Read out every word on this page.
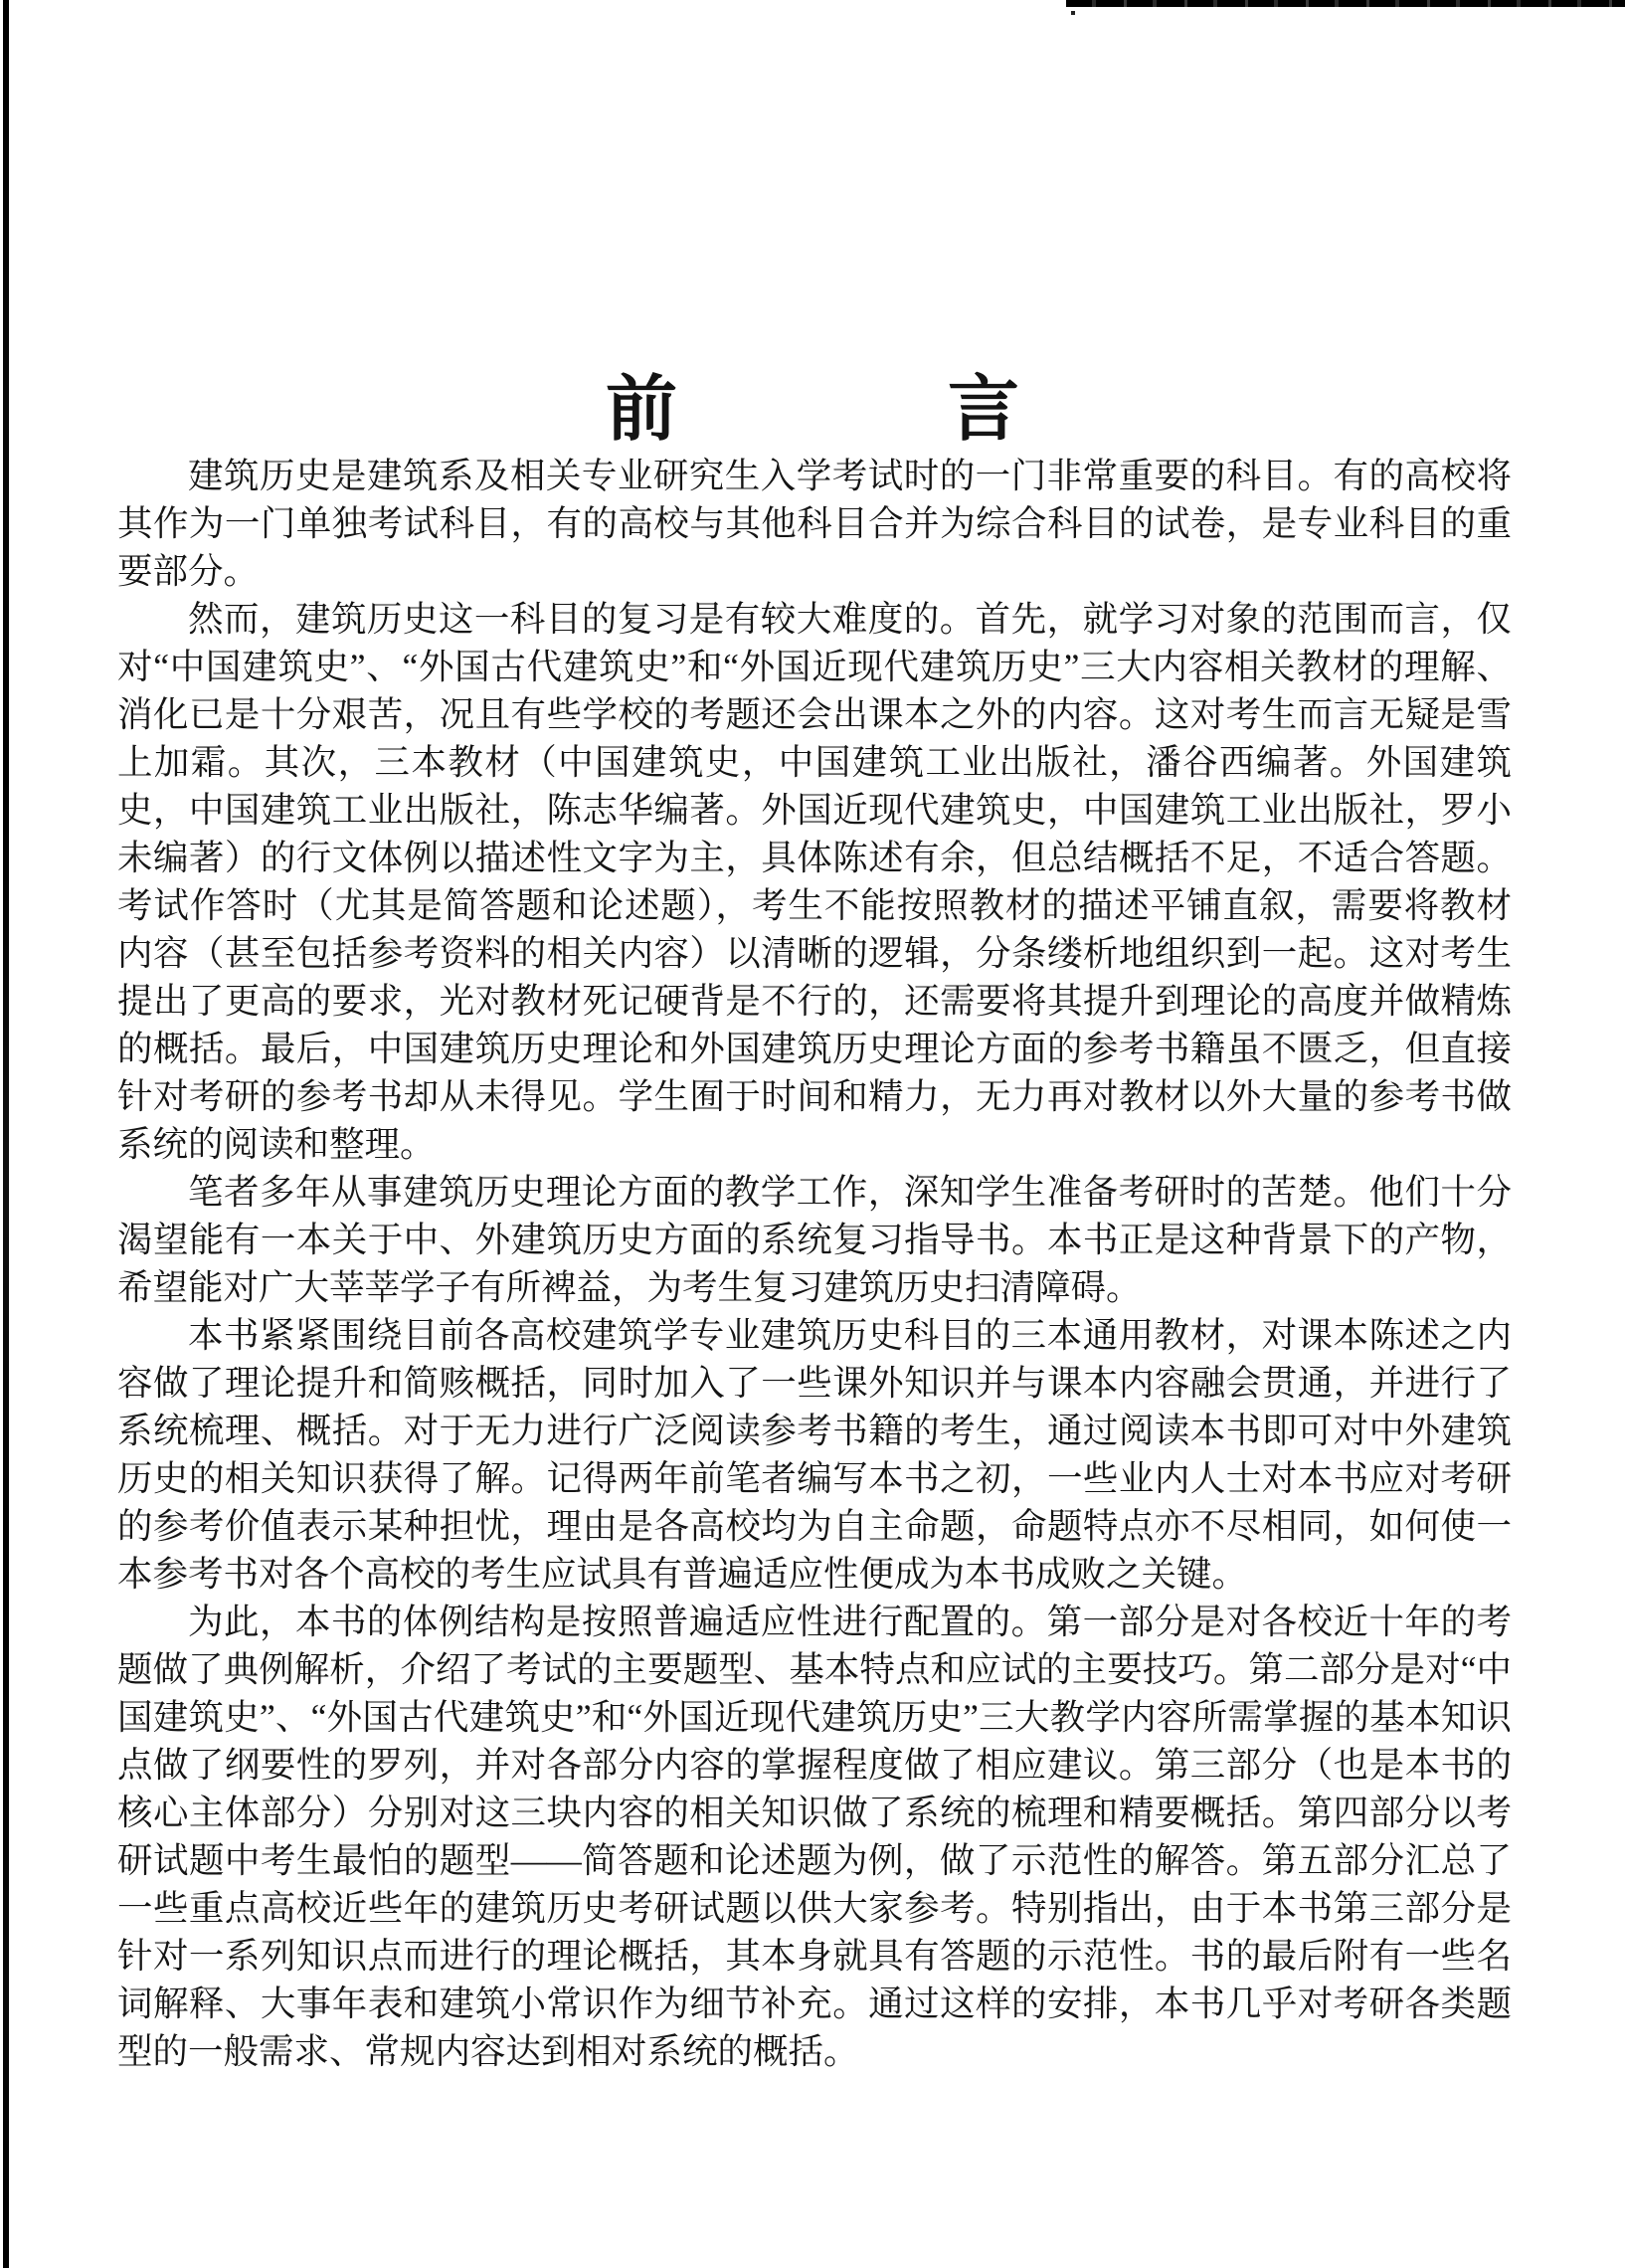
前	言

建筑历史是建筑系及相关专业研究生入学考试时的一门非常重要的科目。有的高校将其作为一门单独考试科目，有的高校与其他科目合并为综合科目的试卷，是专业科目的重要部分。

然而，建筑历史这一科目的复习是有较大难度的。首先，就学习对象的范围而言，仅对“中国建筑史”、“外国古代建筑史”和“外国近现代建筑历史”三大内容相关教材的理解、消化已是十分艰苦，况且有些学校的考题还会出课本之外的内容。这对考生而言无疑是雪上加霜。其次，三本教材（中国建筑史，中国建筑工业出版社，潘谷西编著。外国建筑史，中国建筑工业出版社，陈志华编著。外国近现代建筑史，中国建筑工业出版社，罗小未编著）的行文体例以描述性文字为主，具体陈述有余，但总结概括不足，不适合答题。考试作答时（尤其是简答题和论述题），考生不能按照教材的描述平铺直叙，需要将教材内容（甚至包括参考资料的相关内容）以清晰的逻辑，分条缕析地组织到一起。这对考生提出了更高的要求，光对教材死记硬背是不行的，还需要将其提升到理论的高度并做精炼的概括。最后，中国建筑历史理论和外国建筑历史理论方面的参考书籍虽不匮乏，但直接针对考研的参考书却从未得见。学生囿于时间和精力，无力再对教材以外大量的参考书做系统的阅读和整理。

笔者多年从事建筑历史理论方面的教学工作，深知学生准备考研时的苦楚。他们十分渴望能有一本关于中、外建筑历史方面的系统复习指导书。本书正是这种背景下的产物，希望能对广大莘莘学子有所裨益，为考生复习建筑历史扫清障碍。

本书紧紧围绕目前各高校建筑学专业建筑历史科目的三本通用教材，对课本陈述之内容做了理论提升和简赅概括，同时加入了一些课外知识并与课本内容融会贯通，并进行了系统梳理、概括。对于无力进行广泛阅读参考书籍的考生，通过阅读本书即可对中外建筑历史的相关知识获得了解。记得两年前笔者编写本书之初，一些业内人士对本书应对考研的参考价值表示某种担忧，理由是各高校均为自主命题，命题特点亦不尽相同，如何使一本参考书对各个高校的考生应试具有普遍适应性便成为本书成败之关键。

为此，本书的体例结构是按照普遍适应性进行配置的。第一部分是对各校近十年的考题做了典例解析，介绍了考试的主要题型、基本特点和应试的主要技巧。第二部分是对“中国建筑史”、“外国古代建筑史”和“外国近现代建筑历史”三大教学内容所需掌握的基本知识点做了纲要性的罗列，并对各部分内容的掌握程度做了相应建议。第三部分（也是本书的核心主体部分）分别对这三块内容的相关知识做了系统的梳理和精要概括。第四部分以考研试题中考生最怕的题型——简答题和论述题为例，做了示范性的解答。第五部分汇总了一些重点高校近些年的建筑历史考研试题以供大家参考。特别指出，由于本书第三部分是针对一系列知识点而进行的理论概括，其本身就具有答题的示范性。书的最后附有一些名词解释、大事年表和建筑小常识作为细节补充。通过这样的安排，本书几乎对考研各类题型的一般需求、常规内容达到相对系统的概括。
